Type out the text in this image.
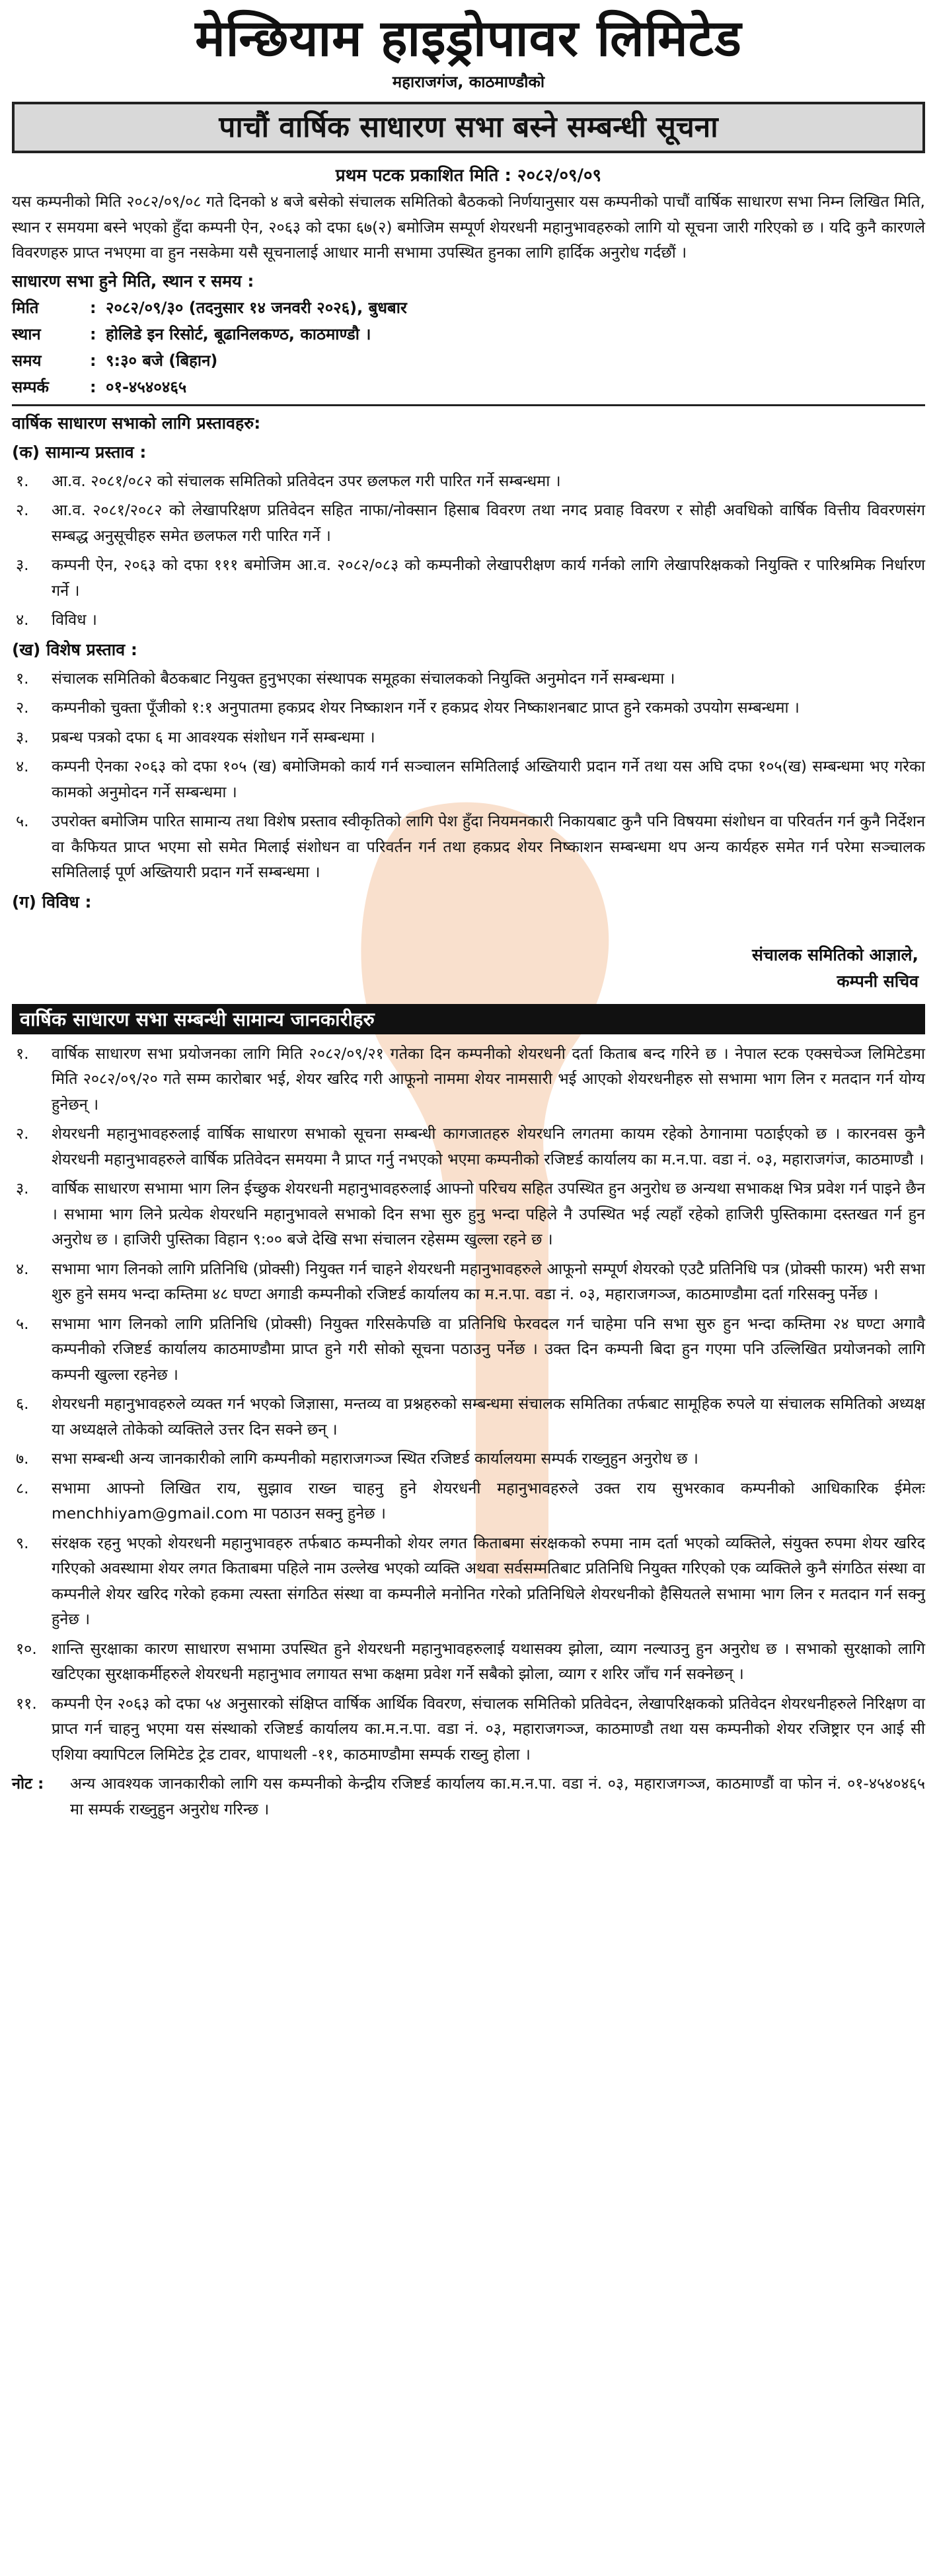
मेन्छियाम हाइड्रोपावर लिमिटेड

महाराजगंज, काठमाण्डौको

पाचौं वार्षिक साधारण सभा बस्ने सम्बन्धी सूचना
प्रथम पटक प्रकाशित मिति : २०८२/०९/०९

यस कम्पनीको मिति २०८२/०९/०८ गते दिनको ४ बजे बसेको संचालक समितिको बैठकको निर्णयानुसार यस कम्पनीको पाचौं वार्षिक साधारण सभा निम्न लिखित मिति, स्थान र समयमा बस्ने भएको हुँदा कम्पनी ऐन, २०६३ को दफा ६७(२) बमोजिम सम्पूर्ण शेयरधनी महानुभावहरुको लागि यो सूचना जारी गरिएको छ । यदि कुनै कारणले विवरणहरु प्राप्त नभएमा वा हुन नसकेमा यसै सूचनालाई आधार मानी सभामा उपस्थित हुनका लागि हार्दिक अनुरोध गर्दछौं ।

साधारण सभा हुने मिति, स्थान र समय :
मिति	: २०८२/०९/३० (तदनुसार १४ जनवरी २०२६), बुधबार
स्थान	: होलिडे इन रिसोर्ट, बूढानिलकण्ठ, काठमाण्डौ ।
समय	: ९:३० बजे (बिहान)
सम्पर्क	: ०१-४५४०४६५
वार्षिक साधारण सभाको लागि प्रस्तावहरु:
(क) सामान्य प्रस्ताव :
१.	आ.व. २०८१/०८२ को संचालक समितिको प्रतिवेदन उपर छलफल गरी पारित गर्ने सम्बन्धमा ।
२.	आ.व. २०८१/२०८२ को लेखापरिक्षण प्रतिवेदन सहित नाफा/नोक्सान हिसाब विवरण तथा नगद प्रवाह विवरण र सोही अवधिको वार्षिक वित्तीय विवरणसंग सम्बद्ध अनुसूचीहरु समेत छलफल गरी पारित गर्ने ।
३.	कम्पनी ऐन, २०६३ को दफा १११ बमोजिम आ.व. २०८२/०८३ को कम्पनीको लेखापरीक्षण कार्य गर्नको लागि लेखापरिक्षकको नियुक्ति र पारिश्रमिक निर्धारण गर्ने ।
४.	विविध ।
(ख) विशेष प्रस्ताव :
१.	संचालक समितिको बैठकबाट नियुक्त हुनुभएका संस्थापक समूहका संचालकको नियुक्ति अनुमोदन गर्ने सम्बन्धमा ।
२.	कम्पनीको चुक्ता पूँजीको १:१ अनुपातमा हकप्रद शेयर निष्काशन गर्ने र हकप्रद शेयर निष्काशनबाट प्राप्त हुने रकमको उपयोग सम्बन्धमा ।
३.	प्रबन्ध पत्रको दफा ६ मा आवश्यक संशोधन गर्ने सम्बन्धमा ।
४.	कम्पनी ऐनका २०६३ को दफा १०५ (ख) बमोजिमको कार्य गर्न सञ्चालन समितिलाई अख्तियारी प्रदान गर्ने तथा यस अघि दफा १०५(ख) सम्बन्धमा भए गरेका कामको अनुमोदन गर्ने सम्बन्धमा ।
५.	उपरोक्त बमोजिम पारित सामान्य तथा विशेष प्रस्ताव स्वीकृतिको लागि पेश हुँदा नियमनकारी निकायबाट कुनै पनि विषयमा संशोधन वा परिवर्तन गर्न कुनै निर्देशन वा कैफियत प्राप्त भएमा सो समेत मिलाई संशोधन वा परिवर्तन गर्न तथा हकप्रद शेयर निष्काशन सम्बन्धमा थप अन्य कार्यहरु समेत गर्न परेमा सञ्चालक समितिलाई पूर्ण अख्तियारी प्रदान गर्ने सम्बन्धमा ।
(ग) विविध :
संचालक समितिको आज्ञाले,
कम्पनी सचिव
वार्षिक साधारण सभा सम्बन्धी सामान्य जानकारीहरु
१.	वार्षिक साधारण सभा प्रयोजनका लागि मिति २०८२/०९/२१ गतेका दिन कम्पनीको शेयरधनी दर्ता किताब बन्द गरिने छ । नेपाल स्टक एक्सचेञ्ज लिमिटेडमा मिति २०८२/०९/२० गते सम्म कारोबार भई, शेयर खरिद गरी आफूनो नाममा शेयर नामसारी भई आएको शेयरधनीहरु सो सभामा भाग लिन र मतदान गर्न योग्य हुनेछन् ।
२.	शेयरधनी महानुभावहरुलाई वार्षिक साधारण सभाको सूचना सम्बन्धी कागजातहरु शेयरधनि लगतमा कायम रहेको ठेगानामा पठाईएको छ । कारनवस कुनै शेयरधनी महानुभावहरुले वार्षिक प्रतिवेदन समयमा नै प्राप्त गर्नु नभएको भएमा कम्पनीको रजिष्टर्ड कार्यालय का म.न.पा. वडा नं. ०३, महाराजगंज, काठमाण्डौ ।
३.	वार्षिक साधारण सभामा भाग लिन ईच्छुक शेयरधनी महानुभावहरुलाई आफ्नो परिचय सहित उपस्थित हुन अनुरोध छ अन्यथा सभाकक्ष भित्र प्रवेश गर्न पाइने छैन । सभामा भाग लिने प्रत्येक शेयरधनि महानुभावले सभाको दिन सभा सुरु हुनु भन्दा पहिले नै उपस्थित भई त्यहाँ रहेको हाजिरी पुस्तिकामा दस्तखत गर्न हुन अनुरोध छ । हाजिरी पुस्तिका विहान ९:०० बजे देखि सभा संचालन रहेसम्म खुल्ला रहने छ ।
४.	सभामा भाग लिनको लागि प्रतिनिधि (प्रोक्सी) नियुक्त गर्न चाहने शेयरधनी महानुभावहरुले आफूनो सम्पूर्ण शेयरको एउटै प्रतिनिधि पत्र (प्रोक्सी फारम) भरी सभा शुरु हुने समय भन्दा कम्तिमा ४८ घण्टा अगाडी कम्पनीको रजिष्टर्ड कार्यालय का म.न.पा. वडा नं. ०३, महाराजगञ्ज, काठमाण्डौमा दर्ता गरिसक्नु पर्नेछ ।
५.	सभामा भाग लिनको लागि प्रतिनिधि (प्रोक्सी) नियुक्त गरिसकेपछि वा प्रतिनिधि फेरवदल गर्न चाहेमा पनि सभा सुरु हुन भन्दा कम्तिमा २४ घण्टा अगावै कम्पनीको रजिष्टर्ड कार्यालय काठमाण्डौमा प्राप्त हुने गरी सोको सूचना पठाउनु पर्नेछ । उक्त दिन कम्पनी बिदा हुन गएमा पनि उल्लिखित प्रयोजनको लागि कम्पनी खुल्ला रहनेछ ।
६.	शेयरधनी महानुभावहरुले व्यक्त गर्न भएको जिज्ञासा, मन्तव्य वा प्रश्नहरुको सम्बन्धमा संचालक समितिका तर्फबाट सामूहिक रुपले या संचालक समितिको अध्यक्ष या अध्यक्षले तोकेको व्यक्तिले उत्तर दिन सक्ने छन् ।
७.	सभा सम्बन्धी अन्य जानकारीको लागि कम्पनीको महाराजगञ्ज स्थित रजिष्टर्ड कार्यालयमा सम्पर्क राख्नुहुन अनुरोध छ ।
८.	सभामा आफ्नो लिखित राय, सुझाव राख्न चाहनु हुने शेयरधनी महानुभावहरुले उक्त राय सुभरकाव कम्पनीको आधिकारिक ईमेलः menchhiyam@gmail.com मा पठाउन सक्नु हुनेछ ।
९.	संरक्षक रहनु भएको शेयरधनी महानुभावहरु तर्फबाठ कम्पनीको शेयर लगत किताबमा संरक्षकको रुपमा नाम दर्ता भएको व्यक्तिले, संयुक्त रुपमा शेयर खरिद गरिएको अवस्थामा शेयर लगत किताबमा पहिले नाम उल्लेख भएको व्यक्ति अथवा सर्वसम्मतिबाट प्रतिनिधि नियुक्त गरिएको एक व्यक्तिले कुनै संगठित संस्था वा कम्पनीले शेयर खरिद गरेको हकमा त्यस्ता संगठित संस्था वा कम्पनीले मनोनित गरेको प्रतिनिधिले शेयरधनीको हैसियतले सभामा भाग लिन र मतदान गर्न सक्नु हुनेछ ।
१०. शान्ति सुरक्षाका कारण साधारण सभामा उपस्थित हुने शेयरधनी महानुभावहरुलाई यथासक्य झोला, व्याग नल्याउनु हुन अनुरोध छ । सभाको सुरक्षाको लागि खटिएका सुरक्षाकर्मीहरुले शेयरधनी महानुभाव लगायत सभा कक्षमा प्रवेश गर्ने सबैको झोला, व्याग र शरिर जाँच गर्न सक्नेछन् ।
११. कम्पनी ऐन २०६३ को दफा ५४ अनुसारको संक्षिप्त वार्षिक आर्थिक विवरण, संचालक समितिको प्रतिवेदन, लेखापरिक्षकको प्रतिवेदन शेयरधनीहरुले निरिक्षण वा प्राप्त गर्न चाहनु भएमा यस संस्थाको रजिष्टर्ड कार्यालय का.म.न.पा. वडा नं. ०३, महाराजगञ्ज, काठमाण्डौ तथा यस कम्पनीको शेयर रजिष्ट्रार एन आई सी एशिया क्यापिटल लिमिटेड ट्रेड टावर, थापाथली -११, काठमाण्डौमा सम्पर्क राख्नु होला ।
नोट :	अन्य आवश्यक जानकारीको लागि यस कम्पनीको केन्द्रीय रजिष्टर्ड कार्यालय का.म.न.पा. वडा नं. ०३, महाराजगञ्ज, काठमाण्डौं वा फोन नं. ०१-४५४०४६५ मा सम्पर्क राख्नुहुन अनुरोध गरिन्छ ।
